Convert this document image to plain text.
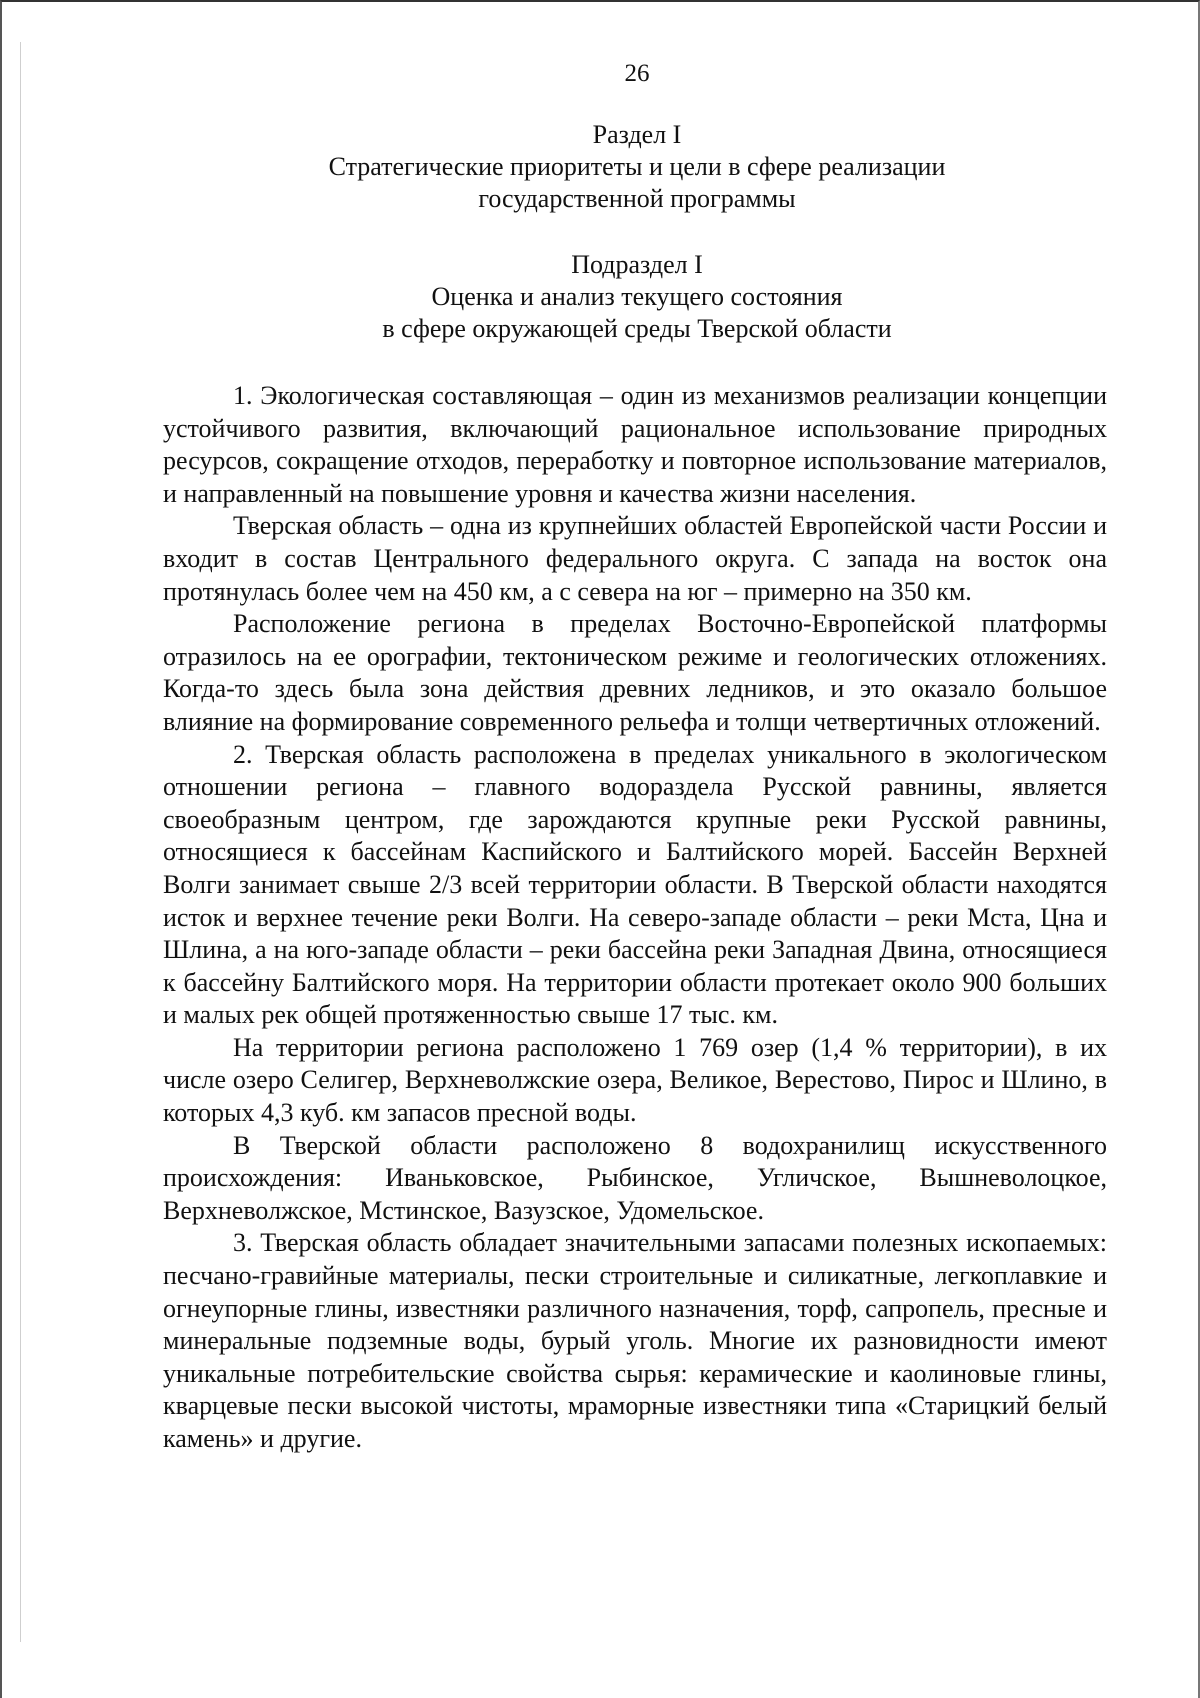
26
Раздел I
Стратегические приоритеты и цели в сфере реализации
государственной программы
Подраздел I
Оценка и анализ текущего состояния
в сфере окружающей среды Тверской области

1. Экологическая составляющая – один из механизмов реализации концепции устойчивого развития, включающий рациональное использование природных ресурсов, сокращение отходов, переработку и повторное использование материалов, и направленный на повышение уровня и качества жизни населения.

Тверская область – одна из крупнейших областей Европейской части России и входит в состав Центрального федерального округа. С запада на восток она протянулась более чем на 450 км, а с севера на юг – примерно на 350 км.

Расположение региона в пределах Восточно-Европейской платформы отразилось на ее орографии, тектоническом режиме и геологических отложениях. Когда-то здесь была зона действия древних ледников, и это оказало большое влияние на формирование современного рельефа и толщи четвертичных отложений.

2. Тверская область расположена в пределах уникального в экологическом отношении региона – главного водораздела Русской равнины, является своеобразным центром, где зарождаются крупные реки Русской равнины, относящиеся к бассейнам Каспийского и Балтийского морей. Бассейн Верхней Волги занимает свыше 2/3 всей территории области. В Тверской области находятся исток и верхнее течение реки Волги. На северо-западе области – реки Мста, Цна и Шлина, а на юго-западе области – реки бассейна реки Западная Двина, относящиеся к бассейну Балтийского моря. На территории области протекает около 900 больших и малых рек общей протяженностью свыше 17 тыс. км.

На территории региона расположено 1 769 озер (1,4 % территории), в их числе озеро Селигер, Верхневолжские озера, Великое, Верестово, Пирос и Шлино, в которых 4,3 куб. км запасов пресной воды.

В Тверской области расположено 8 водохранилищ искусственного происхождения: Иваньковское, Рыбинское, Угличское, Вышневолоцкое, Верхневолжское, Мстинское, Вазузское, Удомельское.

3. Тверская область обладает значительными запасами полезных ископаемых: песчано-гравийные материалы, пески строительные и силикатные, легкоплавкие и огнеупорные глины, известняки различного назначения, торф, сапропель, пресные и минеральные подземные воды, бурый уголь. Многие их разновидности имеют уникальные потребительские свойства сырья: керамические и каолиновые глины, кварцевые пески высокой чистоты, мраморные известняки типа «Старицкий белый камень» и другие.
